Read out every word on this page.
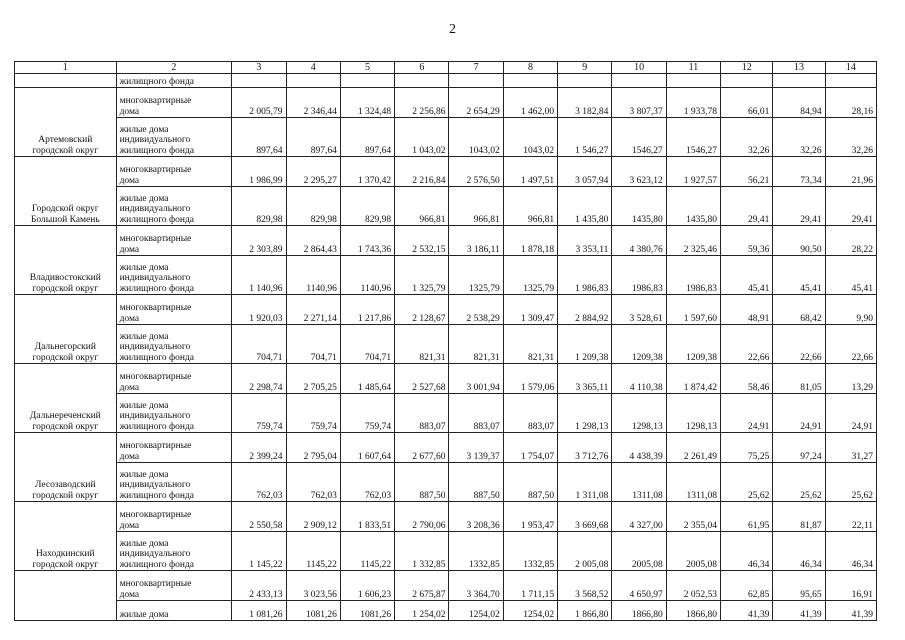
2
1	2	3	4	5	6	7	8	9	10	11	12	13	14
	жилищного фонда												

Артемовский
городской округ	многоквартирные
дома	2 005,79	2 346,44	1 324,48	2 256,86	2 654,29	1 462,00	3 182,84	3 807,37	1 933,78	66,01	84,94	28,16

	жилые дома
индивидуального
жилищного фонда	897,64	897,64	897,64	1 043,02	1043,02	1043,02	1 546,27	1546,27	1546,27	32,26	32,26	32,26

Городской округ
Большой Камень	многоквартирные
дома	1 986,99	2 295,27	1 370,42	2 216,84	2 576,50	1 497,51	3 057,94	3 623,12	1 927,57	56,21	73,34	21,96

	жилые дома
индивидуального
жилищного фонда	829,98	829,98	829,98	966,81	966,81	966,81	1 435,80	1435,80	1435,80	29,41	29,41	29,41

Владивостокский
городской округ	многоквартирные
дома	2 303,89	2 864,43	1 743,36	2 532,15	3 186,11	1 878,18	3 353,11	4 380,76	2 325,46	59,36	90,50	28,22

	жилые дома
индивидуального
жилищного фонда	1 140,96	1140,96	1140,96	1 325,79	1325,79	1325,79	1 986,83	1986,83	1986,83	45,41	45,41	45,41

Дальнегорский
городской округ	многоквартирные
дома	1 920,03	2 271,14	1 217,86	2 128,67	2 538,29	1 309,47	2 884,92	3 528,61	1 597,60	48,91	68,42	9,90

	жилые дома
индивидуального
жилищного фонда	704,71	704,71	704,71	821,31	821,31	821,31	1 209,38	1209,38	1209,38	22,66	22,66	22,66

Дальнереченский
городской округ	многоквартирные
дома	2 298,74	2 705,25	1 485,64	2 527,68	3 001,94	1 579,06	3 365,11	4 110,38	1 874,42	58,46	81,05	13,29

	жилые дома
индивидуального
жилищного фонда	759,74	759,74	759,74	883,07	883,07	883,07	1 298,13	1298,13	1298,13	24,91	24,91	24,91

Лесозаводский
городской округ	многоквартирные
дома	2 399,24	2 795,04	1 607,64	2 677,60	3 139,37	1 754,07	3 712,76	4 438,39	2 261,49	75,25	97,24	31,27

	жилые дома
индивидуального
жилищного фонда	762,03	762,03	762,03	887,50	887,50	887,50	1 311,08	1311,08	1311,08	25,62	25,62	25,62

Находкинский
городской округ	многоквартирные
дома	2 550,58	2 909,12	1 833,51	2 790,06	3 208,36	1 953,47	3 669,68	4 327,00	2 355,04	61,95	81,87	22,11

	жилые дома
индивидуального
жилищного фонда	1 145,22	1145,22	1145,22	1 332,85	1332,85	1332,85	2 005,08	2005,08	2005,08	46,34	46,34	46,34

	многоквартирные
дома	2 433,13	3 023,56	1 606,23	2 675,87	3 364,70	1 711,15	3 568,52	4 650,97	2 052,53	62,85	95,65	16,91

	жилые дома	1 081,26	1081,26	1081,26	1 254,02	1254,02	1254,02	1 866,80	1866,80	1866,80	41,39	41,39	41,39
